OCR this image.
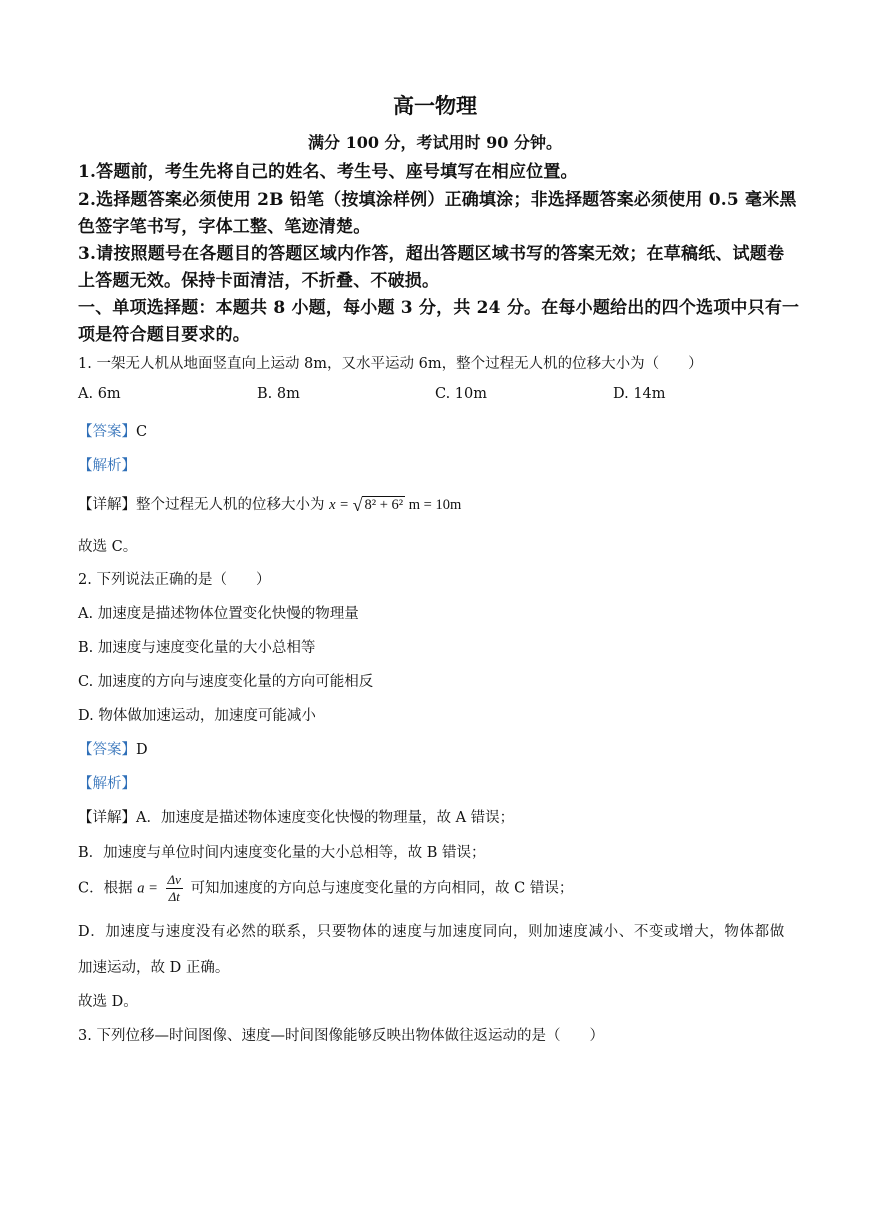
高一物理
满分 100 分，考试用时 90 分钟。
1.答题前，考生先将自己的姓名、考生号、座号填写在相应位置。
2.选择题答案必须使用 2B 铅笔（按填涂样例）正确填涂；非选择题答案必须使用 0.5 毫米黑
色签字笔书写，字体工整、笔迹清楚。
3.请按照题号在各题目的答题区域内作答，超出答题区域书写的答案无效；在草稿纸、试题卷
上答题无效。保持卡面清洁，不折叠、不破损。
一、单项选择题：本题共 8 小题，每小题 3 分，共 24 分。在每小题给出的四个选项中只有一
项是符合题目要求的。
1. 一架无人机从地面竖直向上运动 8m，又水平运动 6m，整个过程无人机的位移大小为（　　）
A. 6m	B. 8m	C. 10m	D. 14m
【答案】C
【解析】
【详解】整个过程无人机的位移大小为 x = √ 8² + 6² m = 10m
故选 C。
2. 下列说法正确的是（　　）
A. 加速度是描述物体位置变化快慢的物理量
B. 加速度与速度变化量的大小总相等
C. 加速度的方向与速度变化量的方向可能相反
D. 物体做加速运动，加速度可能减小
【答案】D
【解析】
【详解】A．加速度是描述物体速度变化快慢的物理量，故 A 错误；
B．加速度与单位时间内速度变化量的大小总相等，故 B 错误；
C．根据 $a = \frac{\Delta v}{\Delta t}$ 可知加速度的方向总与速度变化量的方向相同，故 C 错误；
D．加速度与速度没有必然的联系，只要物体的速度与加速度同向，则加速度减小、不变或增大，物体都做
加速运动，故 D 正确。
故选 D。
3. 下列位移—时间图像、速度—时间图像能够反映出物体做往返运动的是（　　）
